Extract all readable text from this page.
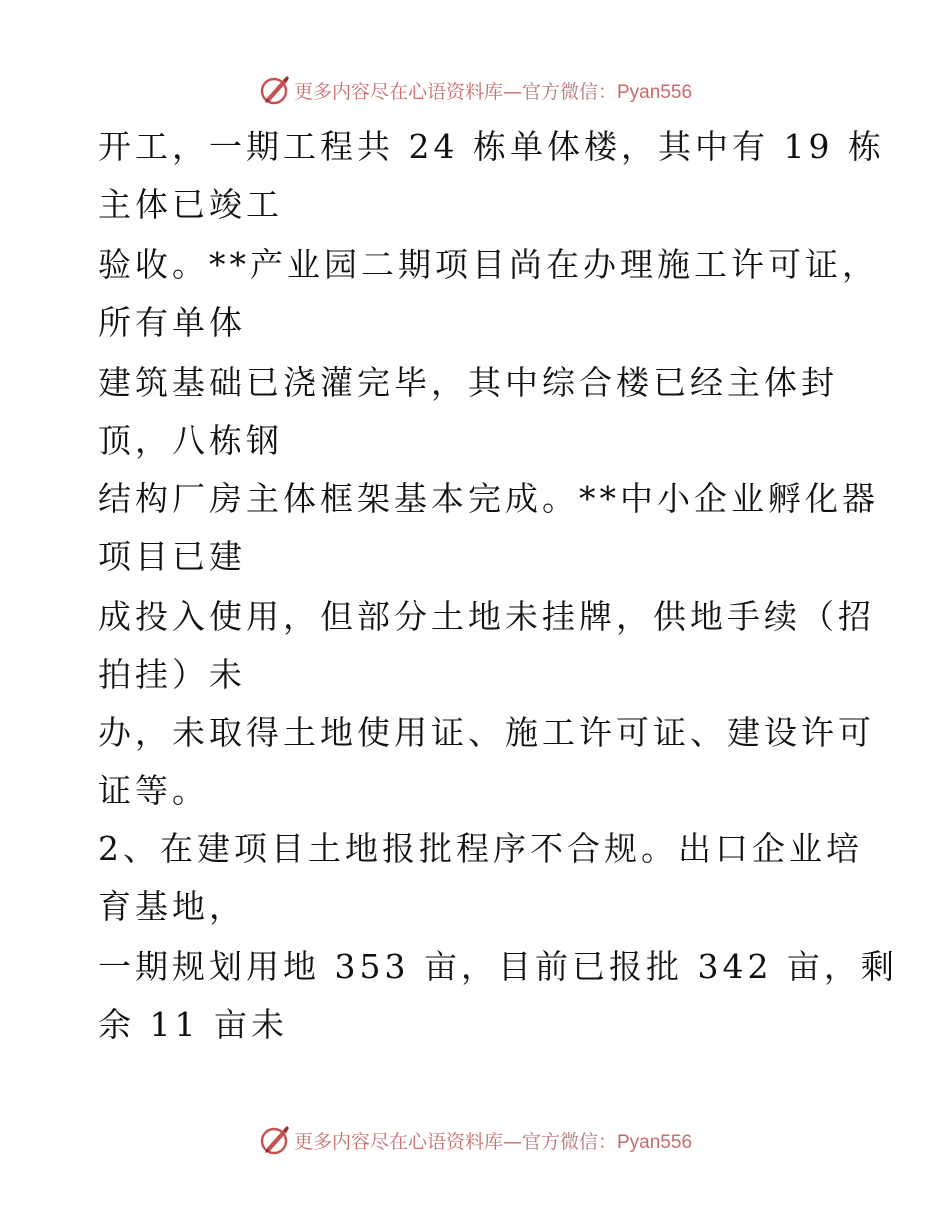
更多内容尽在心语资料库—官方微信：Pyan556
开工，一期工程共 24 栋单体楼，其中有 19 栋
主体已竣工
验收。**产业园二期项目尚在办理施工许可证，
所有单体
建筑基础已浇灌完毕，其中综合楼已经主体封
顶，八栋钢
结构厂房主体框架基本完成。**中小企业孵化器
项目已建
成投入使用，但部分土地未挂牌，供地手续（招
拍挂）未
办，未取得土地使用证、施工许可证、建设许可
证等。
2、在建项目土地报批程序不合规。出口企业培
育基地，
一期规划用地 353 亩，目前已报批 342 亩，剩
余 11 亩未
更多内容尽在心语资料库—官方微信：Pyan556
